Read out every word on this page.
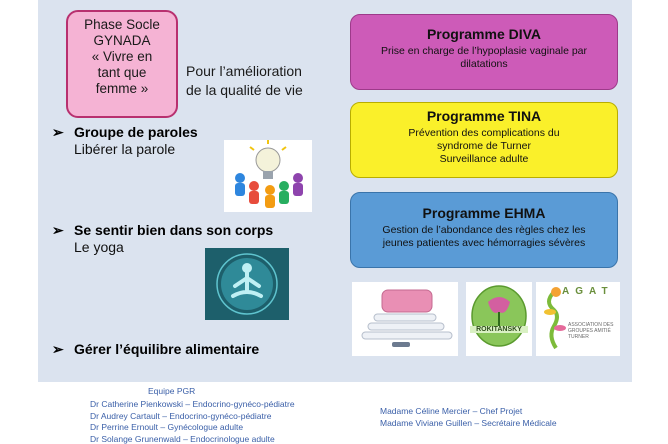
Phase Socle
GYNADA
« Vivre en
tant que
femme »
Pour l’amélioration
de la qualité de vie
➢ Groupe de paroles
Libérer la parole
➢ Se sentir bien dans son corps
Le yoga
➢ Gérer l’équilibre alimentaire
Programme DIVA
Prise en charge de l’hypoplasie vaginale par
dilatations
Programme TINA
Prévention des complications du
syndrome de Turner
Surveillance adulte
Programme EHMA
Gestion de l’abondance des règles chez les
jeunes patientes avec hémorragies sévères
ROKITANSKY
AGAT
ASSOCIATION DES GROUPES AMITIÉ TURNER
Equipe PGR
Dr Catherine Pienkowski – Endocrino-gynéco-pédiatre
Dr Audrey Cartault – Endocrino-gynéco-pédiatre
Dr Perrine Ernoult – Gynécologue adulte
Dr Solange Grunenwald – Endocrinologue adulte
Madame Céline Mercier – Chef Projet
Madame Viviane Guillen – Secrétaire Médicale
